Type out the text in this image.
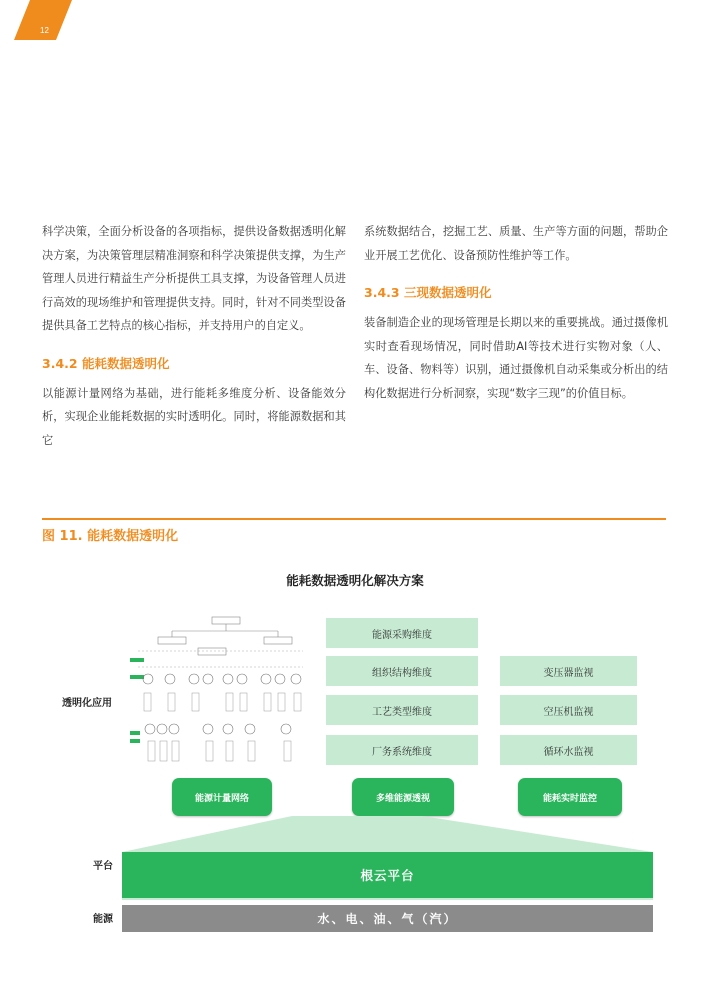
12

科学决策，全面分析设备的各项指标，提供设备数据透明化解决方案，为决策管理层精准洞察和科学决策提供支撑，为生产管理人员进行精益生产分析提供工具支撑，为设备管理人员进行高效的现场维护和管理提供支持。同时，针对不同类型设备提供具备工艺特点的核心指标，并支持用户的自定义。

3.4.2 能耗数据透明化

以能源计量网络为基础，进行能耗多维度分析、设备能效分析，实现企业能耗数据的实时透明化。同时，将能源数据和其它

系统数据结合，挖掘工艺、质量、生产等方面的问题，帮助企业开展工艺优化、设备预防性维护等工作。

3.4.3 三现数据透明化

装备制造企业的现场管理是长期以来的重要挑战。通过摄像机实时查看现场情况，同时借助AI等技术进行实物对象（人、车、设备、物料等）识别，通过摄像机自动采集或分析出的结构化数据进行分析洞察，实现“数字三现”的价值目标。

图 11. 能耗数据透明化
能耗数据透明化解决方案
透明化应用
平台
能源
能源采购维度
组织结构维度
工艺类型维度
厂务系统维度
变压器监视
空压机监视
循环水监视
能源计量网络	多维能源透视	能耗实时监控
根云平台
水、电、油、气（汽）
